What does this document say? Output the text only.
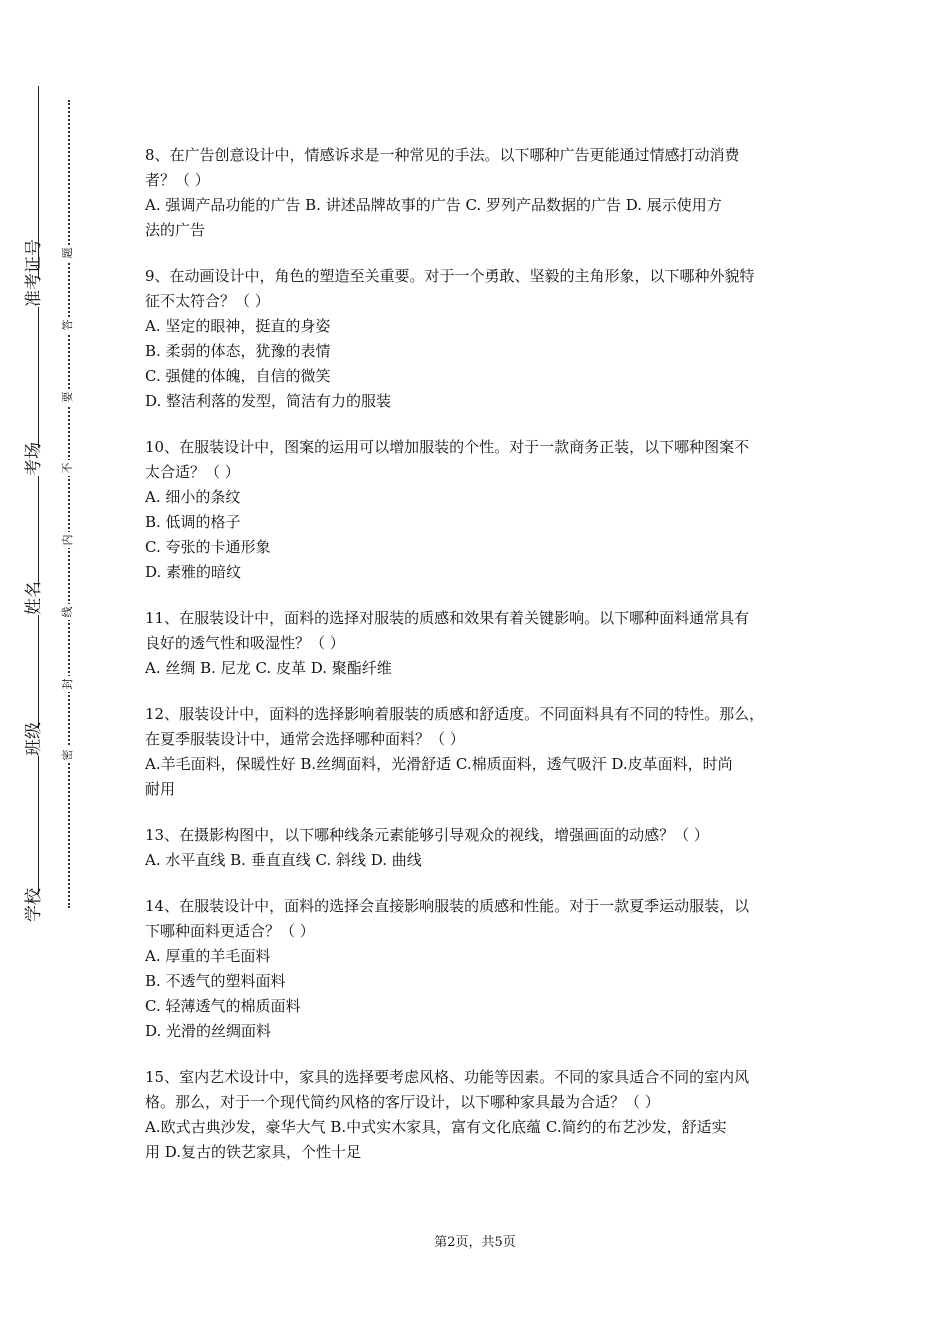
准考证号
考场
姓名
班级
学校
题
答
要
不
内
线
封
密
8、在广告创意设计中，情感诉求是一种常见的手法。以下哪种广告更能通过情感打动消费
者？（ ）
A. 强调产品功能的广告 B. 讲述品牌故事的广告 C. 罗列产品数据的广告 D. 展示使用方
法的广告
9、在动画设计中，角色的塑造至关重要。对于一个勇敢、坚毅的主角形象，以下哪种外貌特
征不太符合？（ ）
A. 坚定的眼神，挺直的身姿
B. 柔弱的体态，犹豫的表情
C. 强健的体魄，自信的微笑
D. 整洁利落的发型，简洁有力的服装
10、在服装设计中，图案的运用可以增加服装的个性。对于一款商务正装，以下哪种图案不
太合适？（ ）
A. 细小的条纹
B. 低调的格子
C. 夸张的卡通形象
D. 素雅的暗纹
11、在服装设计中，面料的选择对服装的质感和效果有着关键影响。以下哪种面料通常具有
良好的透气性和吸湿性？（ ）
A. 丝绸 B. 尼龙 C. 皮革 D. 聚酯纤维
12、服装设计中，面料的选择影响着服装的质感和舒适度。不同面料具有不同的特性。那么，
在夏季服装设计中，通常会选择哪种面料？（ ）
A.羊毛面料，保暖性好 B.丝绸面料，光滑舒适 C.棉质面料，透气吸汗 D.皮革面料，时尚
耐用
13、在摄影构图中，以下哪种线条元素能够引导观众的视线，增强画面的动感？（ ）
A. 水平直线 B. 垂直直线 C. 斜线 D. 曲线
14、在服装设计中，面料的选择会直接影响服装的质感和性能。对于一款夏季运动服装，以
下哪种面料更适合？（ ）
A. 厚重的羊毛面料
B. 不透气的塑料面料
C. 轻薄透气的棉质面料
D. 光滑的丝绸面料
15、室内艺术设计中，家具的选择要考虑风格、功能等因素。不同的家具适合不同的室内风
格。那么，对于一个现代简约风格的客厅设计，以下哪种家具最为合适？（ ）
A.欧式古典沙发，豪华大气 B.中式实木家具，富有文化底蕴 C.简约的布艺沙发，舒适实
用 D.复古的铁艺家具，个性十足
第2页，共5页
